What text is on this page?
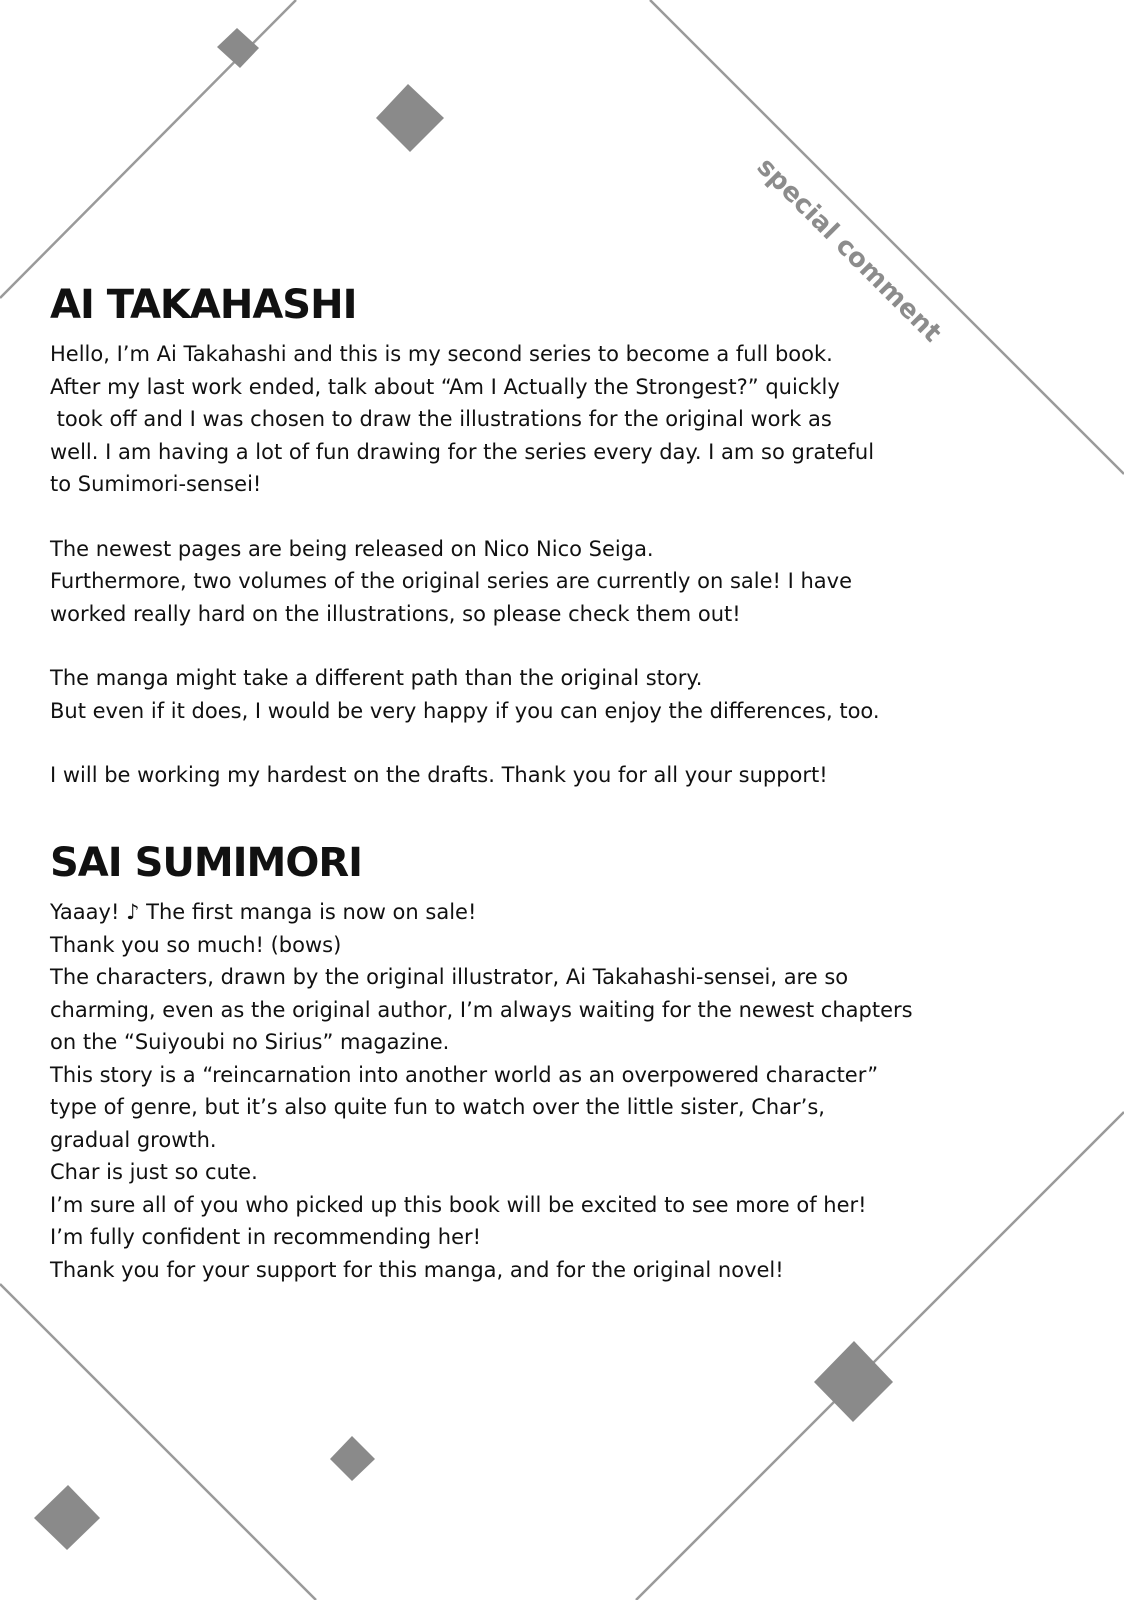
special comment
AI TAKAHASHI
Hello, I’m Ai Takahashi and this is my second series to become a full book.
After my last work ended, talk about “Am I Actually the Strongest?” quickly
took off and I was chosen to draw the illustrations for the original work as
well. I am having a lot of fun drawing for the series every day. I am so grateful
to Sumimori-sensei!
The newest pages are being released on Nico Nico Seiga.
Furthermore, two volumes of the original series are currently on sale! I have
worked really hard on the illustrations, so please check them out!
The manga might take a different path than the original story.
But even if it does, I would be very happy if you can enjoy the differences, too.
I will be working my hardest on the drafts. Thank you for all your support!
SAI SUMIMORI
Yaaay! ♪ The first manga is now on sale!
Thank you so much! (bows)
The characters, drawn by the original illustrator, Ai Takahashi-sensei, are so
charming, even as the original author, I’m always waiting for the newest chapters
on the “Suiyoubi no Sirius” magazine.
This story is a “reincarnation into another world as an overpowered character”
type of genre, but it’s also quite fun to watch over the little sister, Char’s,
gradual growth.
Char is just so cute.
I’m sure all of you who picked up this book will be excited to see more of her!
I’m fully confident in recommending her!
Thank you for your support for this manga, and for the original novel!
